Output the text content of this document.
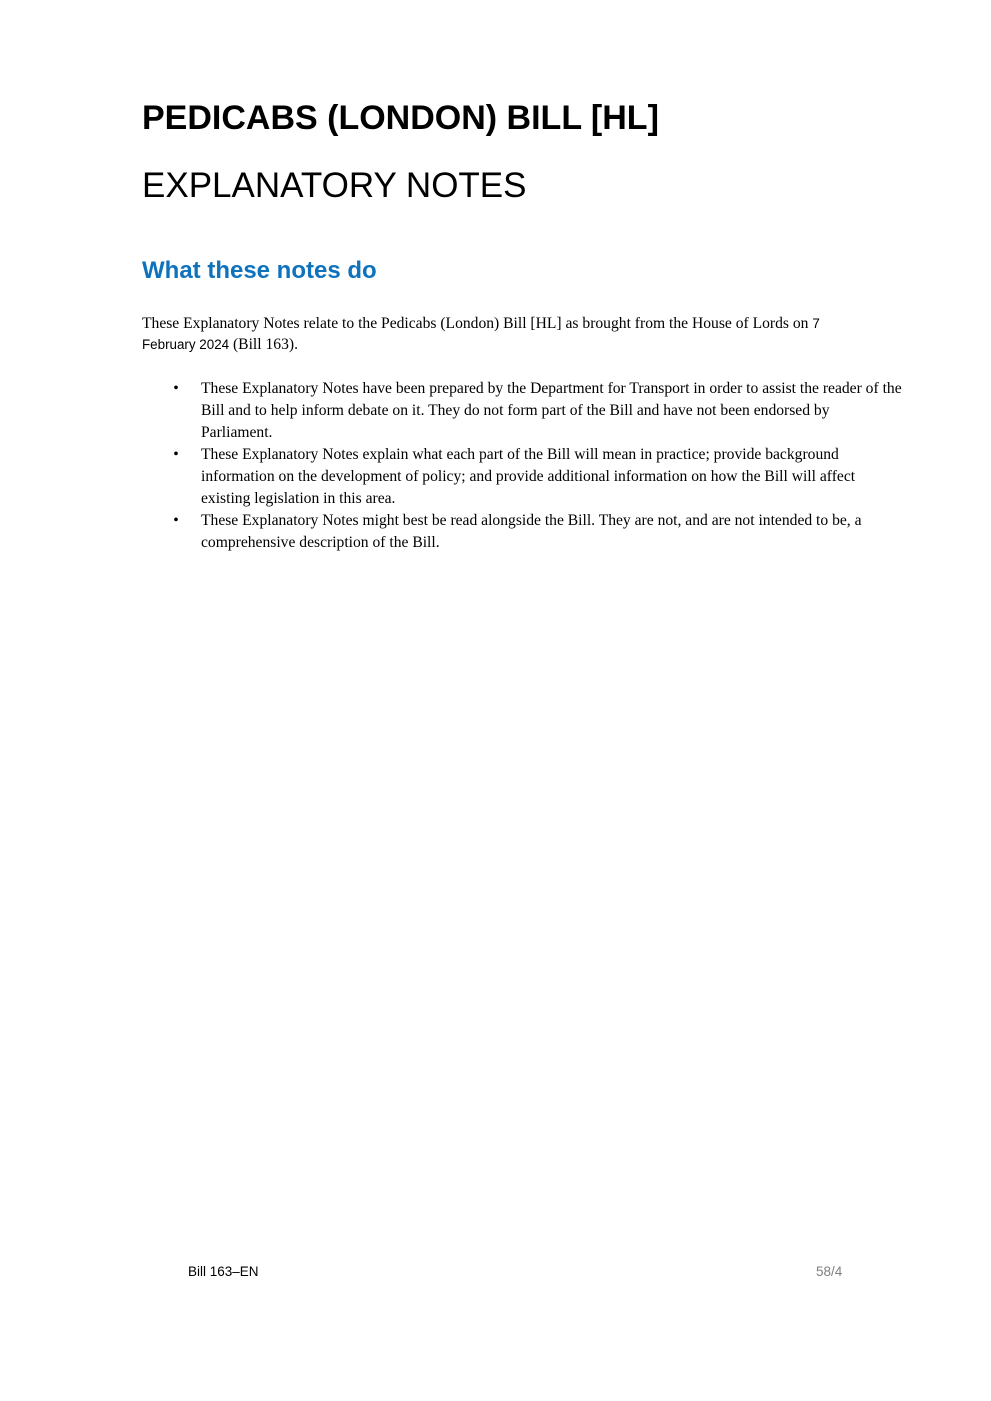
PEDICABS (LONDON) BILL [HL]
EXPLANATORY NOTES
What these notes do

These Explanatory Notes relate to the Pedicabs (London) Bill [HL] as brought from the House of Lords on 7 February 2024 (Bill 163).

• These Explanatory Notes have been prepared by the Department for Transport in order to assist the reader of the Bill and to help inform debate on it. They do not form part of the Bill and have not been endorsed by Parliament.
• These Explanatory Notes explain what each part of the Bill will mean in practice; provide background information on the development of policy; and provide additional information on how the Bill will affect existing legislation in this area.
• These Explanatory Notes might best be read alongside the Bill. They are not, and are not intended to be, a comprehensive description of the Bill.
Bill 163–EN	58/4
